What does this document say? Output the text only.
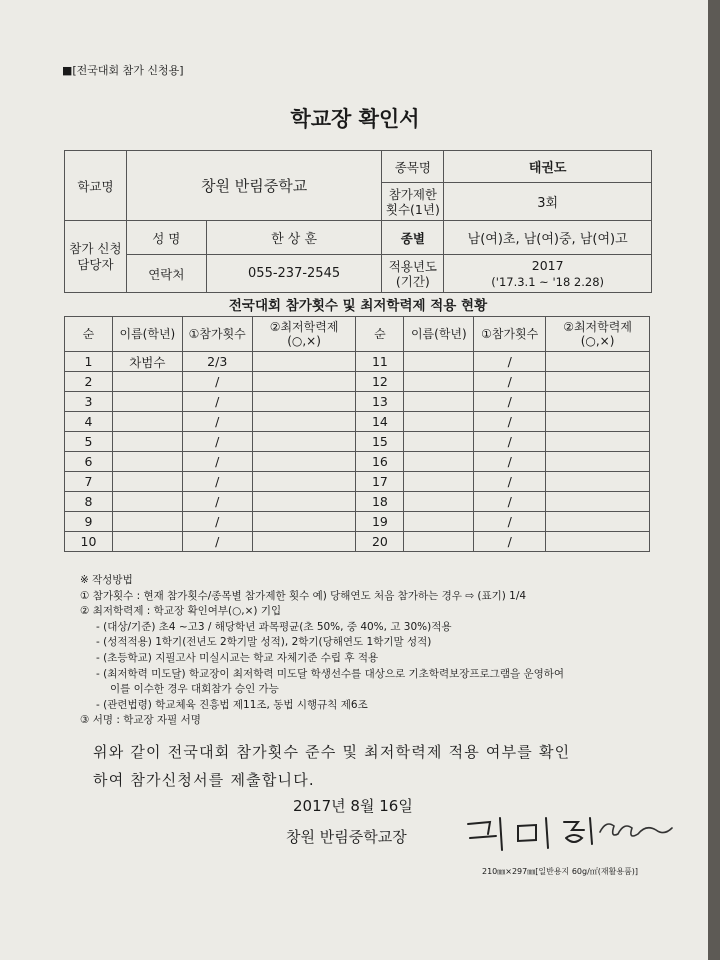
■[전국대회 참가 신청용]
학교장 확인서
학교명	창원 반림중학교		종목명	태권도
			참가제한 횟수(1년)	3회
참가 신청 담당자	성 명	한 상 훈	종별	남(여)초, 남(여)중, 남(여)고
	연락처	055-237-2545	적용년도 (기간)	2017
('17.3.1 ~ '18 2.28)
전국대회 참가횟수 및 최저학력제 적용 현황
순	이름(학년)	①참가횟수	②최저학력제 (○,×)	순	이름(학년)	①참가횟수	②최저학력제 (○,×)
1	차범수	2/3		11		/	
2		/		12		/	
3		/		13		/	
4		/		14		/	
5		/		15		/	
6		/		16		/	
7		/		17		/	
8		/		18		/	
9		/		19		/	
10		/		20		/	
※ 작성방법
① 참가횟수 : 현재 참가횟수/종목별 참가제한 횟수 예) 당해연도 처음 참가하는 경우 ⇨ (표기) 1/4
② 최저학력제 : 학교장 확인여부(○,×) 기입
- (대상/기준) 초4 ~고3 / 해당학년 과목평균(초 50%, 중 40%, 고 30%)적용
- (성적적용) 1학기(전년도 2학기말 성적), 2학기(당해연도 1학기말 성적)
- (초등학교) 지필고사 미실시교는 학교 자체기준 수립 후 적용
- (최저학력 미도달) 학교장이 최저학력 미도달 학생선수를 대상으로 기초학력보장프로그램을 운영하여
이를 이수한 경우 대회참가 승인 가능
- (관련법령) 학교체육 진흥법 제11조, 동법 시행규칙 제6조
③ 서명 : 학교장 자필 서명
위와 같이 전국대회 참가횟수 준수 및 최저학력제 적용 여부를 확인
하여 참가신청서를 제출합니다.
2017년 8월 16일
창원 반림중학교장
210㎜×297㎜[일반용지 60g/㎡(재활용품)]
